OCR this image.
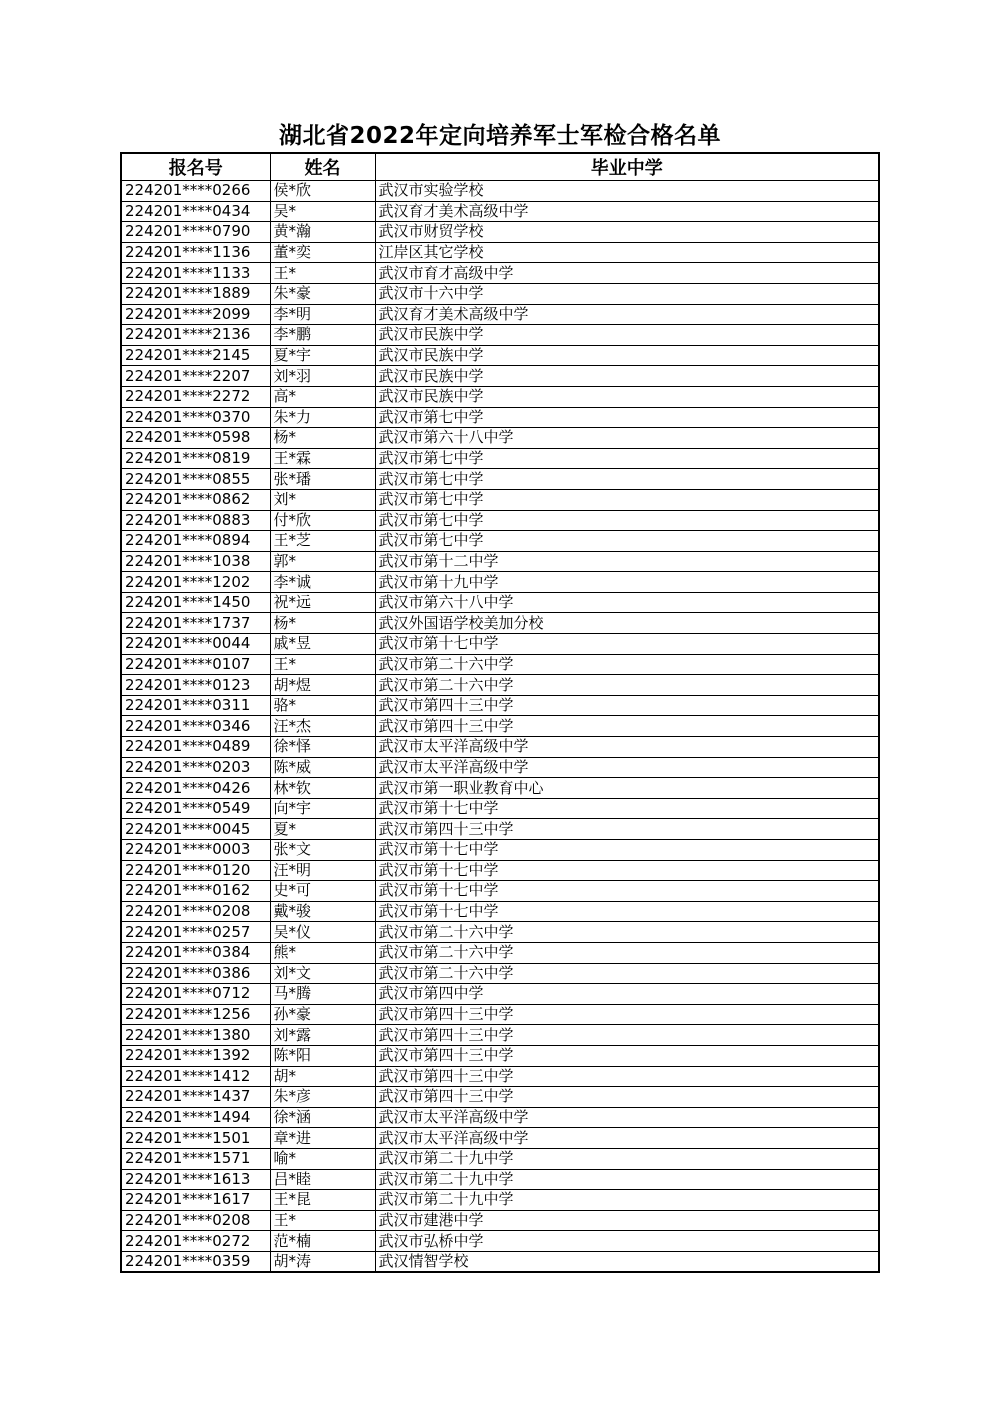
湖北省2022年定向培养军士军检合格名单
报名号	姓名	毕业中学
224201****0266	侯*欣	武汉市实验学校
224201****0434	吴*	武汉育才美术高级中学
224201****0790	黄*瀚	武汉市财贸学校
224201****1136	董*奕	江岸区其它学校
224201****1133	王*	武汉市育才高级中学
224201****1889	朱*豪	武汉市十六中学
224201****2099	李*明	武汉育才美术高级中学
224201****2136	李*鹏	武汉市民族中学
224201****2145	夏*宇	武汉市民族中学
224201****2207	刘*羽	武汉市民族中学
224201****2272	高*	武汉市民族中学
224201****0370	朱*力	武汉市第七中学
224201****0598	杨*	武汉市第六十八中学
224201****0819	王*霖	武汉市第七中学
224201****0855	张*璠	武汉市第七中学
224201****0862	刘*	武汉市第七中学
224201****0883	付*欣	武汉市第七中学
224201****0894	王*芝	武汉市第七中学
224201****1038	郭*	武汉市第十二中学
224201****1202	李*诚	武汉市第十九中学
224201****1450	祝*远	武汉市第六十八中学
224201****1737	杨*	武汉外国语学校美加分校
224201****0044	戚*昱	武汉市第十七中学
224201****0107	王*	武汉市第二十六中学
224201****0123	胡*煜	武汉市第二十六中学
224201****0311	骆*	武汉市第四十三中学
224201****0346	汪*杰	武汉市第四十三中学
224201****0489	徐*怿	武汉市太平洋高级中学
224201****0203	陈*威	武汉市太平洋高级中学
224201****0426	林*钦	武汉市第一职业教育中心
224201****0549	向*宇	武汉市第十七中学
224201****0045	夏*	武汉市第四十三中学
224201****0003	张*文	武汉市第十七中学
224201****0120	汪*明	武汉市第十七中学
224201****0162	史*可	武汉市第十七中学
224201****0208	戴*骏	武汉市第十七中学
224201****0257	吴*仪	武汉市第二十六中学
224201****0384	熊*	武汉市第二十六中学
224201****0386	刘*文	武汉市第二十六中学
224201****0712	马*腾	武汉市第四中学
224201****1256	孙*豪	武汉市第四十三中学
224201****1380	刘*露	武汉市第四十三中学
224201****1392	陈*阳	武汉市第四十三中学
224201****1412	胡*	武汉市第四十三中学
224201****1437	朱*彦	武汉市第四十三中学
224201****1494	徐*涵	武汉市太平洋高级中学
224201****1501	章*进	武汉市太平洋高级中学
224201****1571	喻*	武汉市第二十九中学
224201****1613	吕*睦	武汉市第二十九中学
224201****1617	王*昆	武汉市第二十九中学
224201****0208	王*	武汉市建港中学
224201****0272	范*楠	武汉市弘桥中学
224201****0359	胡*涛	武汉情智学校
